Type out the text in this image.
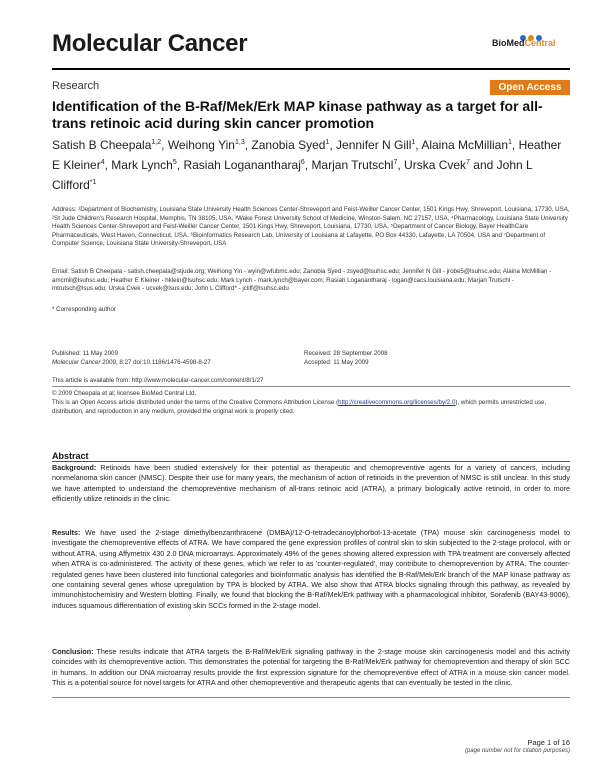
Molecular Cancer	BioMedCentral
Research	Open Access
Identification of the B-Raf/Mek/Erk MAP kinase pathway as a target for all-trans retinoic acid during skin cancer promotion
Satish B Cheepala$^{1,2}$, Weihong Yin$^{1,3}$, Zanobia Syed$^1$, Jennifer N Gill$^1$, Alaina McMillian$^1$, Heather E Kleiner$^4$, Mark Lynch$^5$, Rasiah Loganantharaj$^6$, Marjan Trutschl$^7$, Urska Cvek$^7$ and John L Clifford$^{*1}$
Address: ¹Department of Biochemistry, Louisiana State University Health Sciences Center-Shreveport and Feist-Weiller Cancer Center, 1501 Kings Hwy, Shreveport, Louisiana, 17730, USA, ²St Jude Children's Research Hospital, Memphis, TN 38105, USA, ³Wake Forest University School of Medicine, Winston-Salem, NC 27157, USA, ⁴Pharmacology, Louisiana State University Health Sciences Center-Shreveport and Feist-Weiller Cancer Center, 1501 Kings Hwy, Shreveport, Louisiana, 17730, USA, ⁵Department of Cancer Biology, Bayer HealthCare Pharmaceuticals, West Haven, Connecticut, USA, ⁶Bioinformatics Research Lab, University of Louisiana at Lafayette, PO Box 44330, Lafayette, LA 70504, USA and ⁷Department of Computer Science, Louisiana State University-Shreveport, USA
Email: Satish B Cheepala - satish.cheepala@stjude.org; Weihong Yin - wyin@wfubmc.edu; Zanobia Syed - zsyed@lsuhsc.edu; Jennifer N Gill - jrobe5@lsuhsc.edu; Alaina McMillian - amcmil@lsuhsc.edu; Heather E Kleiner - hklein@lsuhsc.edu; Mark Lynch - mark.lynch@bayer.com; Rasiah Loganantharaj - logan@cacs.louisiana.edu; Marjan Trutschl - mtrutsch@lsus.edu; Urska Cvek - ucvek@lsus.edu; John L Clifford* - jcliff@lsuhsc.edu
* Corresponding author
Published: 11 May 2009
Molecular Cancer 2009, 8:27 doi:10.1186/1476-4598-8-27
Received: 28 September 2008
Accepted: 11 May 2009
This article is available from: http://www.molecular-cancer.com/content/8/1/27
© 2009 Cheepala et al; licensee BioMed Central Ltd.
This is an Open Access article distributed under the terms of the Creative Commons Attribution License (http://creativecommons.org/licenses/by/2.0), which permits unrestricted use, distribution, and reproduction in any medium, provided the original work is properly cited.
Abstract
Background: Retinoids have been studied extensively for their potential as therapeutic and chemopreventive agents for a variety of cancers, including nonmelanoma skin cancer (NMSC). Despite their use for many years, the mechanism of action of retinoids in the prevention of NMSC is still unclear. In this study we have attempted to understand the chemopreventive mechanism of all-trans retinoic acid (ATRA), a primary biologically active retinoid, in order to more efficiently utilize retinoids in the clinic.
Results: We have used the 2-stage dimethylbenzanthracene (DMBA)/12-O-tetradecanoylphorbol-13-acetate (TPA) mouse skin carcinogenesis model to investigate the chemopreventive effects of ATRA. We have compared the gene expression profiles of control skin to skin subjected to the 2-stage protocol, with or without ATRA, using Affymetrix 430 2.0 DNA microarrays. Approximately 49% of the genes showing altered expression with TPA treatment are conversely affected when ATRA is co-administered. The activity of these genes, which we refer to as 'counter-regulated', may contribute to chemoprevention by ATRA. The counter-regulated genes have been clustered into functional categories and bioinformatic analysis has identified the B-Raf/Mek/Erk branch of the MAP kinase pathway as one containing several genes whose upregulation by TPA is blocked by ATRA. We also show that ATRA blocks signaling through this pathway, as revealed by immunohistochemistry and Western blotting. Finally, we found that blocking the B-Raf/Mek/Erk pathway with a pharmacological inhibitor, Sorafenib (BAY43-9006), induces squamous differentiation of existing skin SCCs formed in the 2-stage model.
Conclusion: These results indicate that ATRA targets the B-Raf/Mek/Erk signaling pathway in the 2-stage mouse skin carcinogenesis model and this activity coincides with its chemopreventive action. This demonstrates the potential for targeting the B-Raf/Mek/Erk pathway for chemoprevention and therapy of skin SCC in humans. In addition our DNA microarray results provide the first expression signature for the chemopreventive effect of ATRA in a mouse skin cancer model. This is a potential source for novel targets for ATRA and other chemopreventive and therapeutic agents that can eventually be tested in the clinic.
Page 1 of 16
(page number not for citation purposes)
